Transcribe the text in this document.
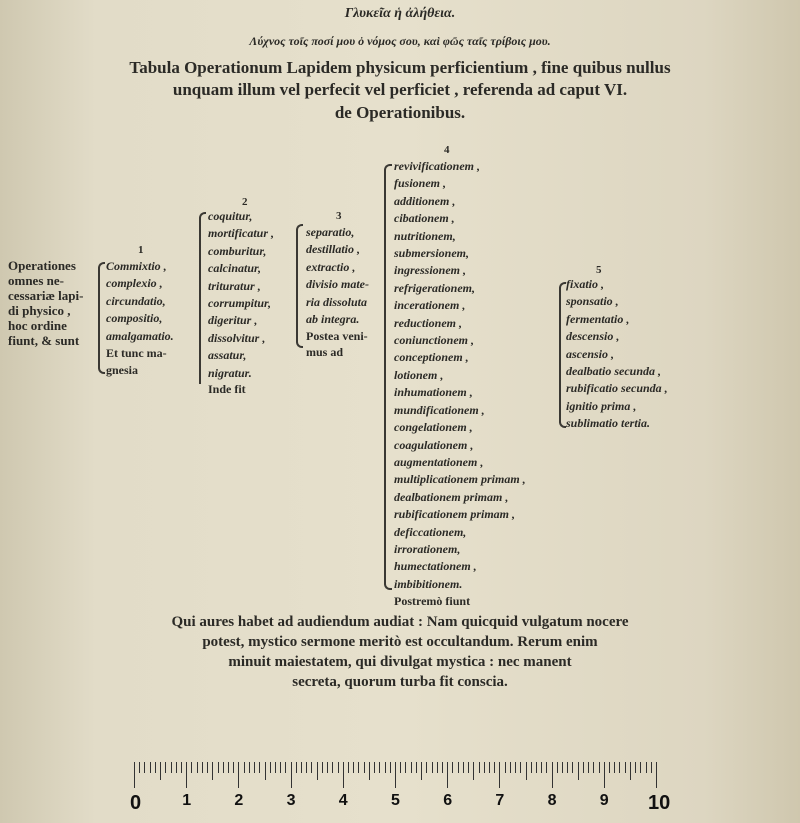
Γλυκεῖα ἡ ἀλήθεια.
Λύχνος τοῖς ποσί μου ὁ νόμος σου, καὶ φῶς ταῖς τρίβοις μου.
Tabula Operationum Lapidem physicum perficientium , fine quibus nullus
unquam illum vel perfecit vel perficiet , referenda ad caput VI.
de Operationibus.
Operationes
omnes ne-
cessariæ lapi-
di physico ,
hoc ordine
fiunt, & sunt
1
Commixtio ,
complexio ,
circundatio,
compositio,
amalgamatio.
Et tunc ma-
gnesia
2
coquitur,
mortificatur ,
comburitur,
calcinatur,
trituratur ,
corrumpitur,
digeritur ,
dissolvitur ,
assatur,
nigratur.
Inde fit
3
separatio,
destillatio ,
extractio ,
divisio mate-
ria dissoluta
ab integra.
Postea veni-
mus ad
4
revivificationem ,
fusionem ,
additionem ,
cibationem ,
nutritionem,
submersionem,
ingressionem ,
refrigerationem,
incerationem ,
reductionem ,
coniunctionem ,
conceptionem ,
lotionem ,
inhumationem ,
mundificationem ,
congelationem ,
coagulationem ,
augmentationem ,
multiplicationem primam ,
dealbationem primam ,
rubificationem primam ,
deficcationem,
irrorationem,
humectationem ,
imbibitionem.
Postremò fiunt
5
fixatio ,
sponsatio ,
fermentatio ,
descensio ,
ascensio ,
dealbatio secunda ,
rubificatio secunda ,
ignitio prima ,
sublimatio tertia.
Qui aures habet ad audiendum audiat : Nam quicquid vulgatum nocere
potest, mystico sermone meritò est occultandum. Rerum enim
minuit maiestatem, qui divulgat mystica : nec manent
secreta, quorum turba fit conscia.
0	1	2	3	4	5	6	7	8	9 10
